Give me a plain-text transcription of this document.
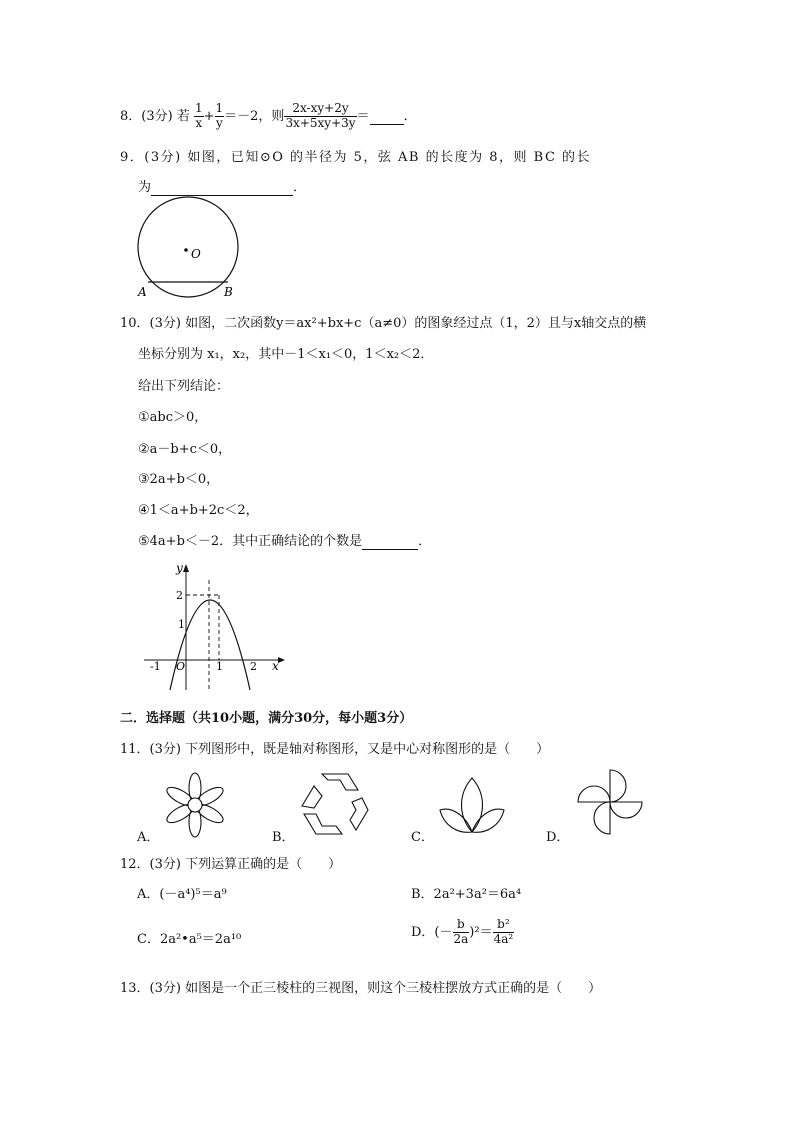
8．(3分) 若 $\frac{1}{x} + \frac{1}{y} =-2$，则 $\frac{2x-xy+2y}{3x+5xy+3y}$ ＝	．
9．(3分) 如图，已知⊙O 的半径为 5，弦 AB 的长度为 8，则 BC 的长
为	．
O
A	B
10．(3分) 如图，二次函数y＝ax²+bx+c（a≠0）的图象经过点（1，2）且与x轴交点的横
坐标分别为 x₁，x₂，其中－1＜x₁＜0，1＜x₂＜2．
给出下列结论：
①abc＞0，
②a－b+c＜0，
③2a+b＜0，
④1＜a+b+2c＜2，
⑤4a+b＜－2．其中正确结论的个数是	．
y
2
1
-1 O	1 2 x
二．选择题（共10小题，满分30分，每小题3分）
11．(3分) 下列图形中，既是轴对称图形，又是中心对称图形的是（　　）
A．	B．	C．	D．
12．(3分) 下列运算正确的是（　　）
A．(－a⁴)⁵＝a⁹	B．2a²+3a²＝6a⁴
C．2a²•a⁵＝2a¹⁰	D．(－ $\frac{b}{2a} )^2= \frac{\text{b²}}{\text{4a²}}$
13．(3分) 如图是一个正三棱柱的三视图，则这个三棱柱摆放方式正确的是（　　）
